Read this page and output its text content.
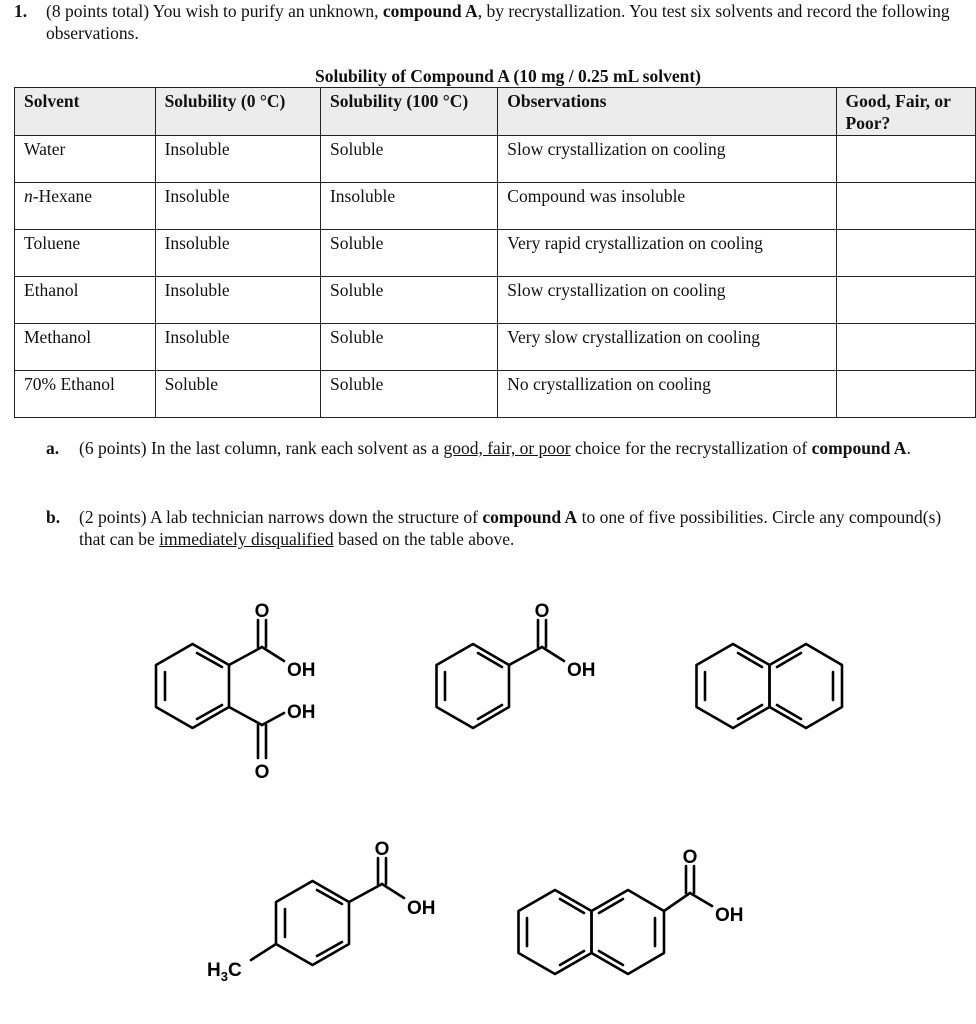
1. (8 points total) You wish to purify an unknown, compound A, by recrystallization. You test six solvents and record the following observations.
Solubility of Compound A (10 mg / 0.25 mL solvent)
Solvent	Solubility (0 °C)	Solubility (100 °C)	Observations	Good, Fair, or Poor?
Water	Insoluble	Soluble	Slow crystallization on cooling	
n-Hexane	Insoluble	Insoluble	Compound was insoluble	
Toluene	Insoluble	Soluble	Very rapid crystallization on cooling	
Ethanol	Insoluble	Soluble	Slow crystallization on cooling	
Methanol	Insoluble	Soluble	Very slow crystallization on cooling	
70% Ethanol	Soluble	Soluble	No crystallization on cooling	
a. (6 points) In the last column, rank each solvent as a good, fair, or poor choice for the recrystallization of compound A.
b. (2 points) A lab technician narrows down the structure of compound A to one of five possibilities. Circle any compound(s) that can be immediately disqualified based on the table above.
O
OH
OH
O
O
OH
O
OH
$H_3C$
O
OH
